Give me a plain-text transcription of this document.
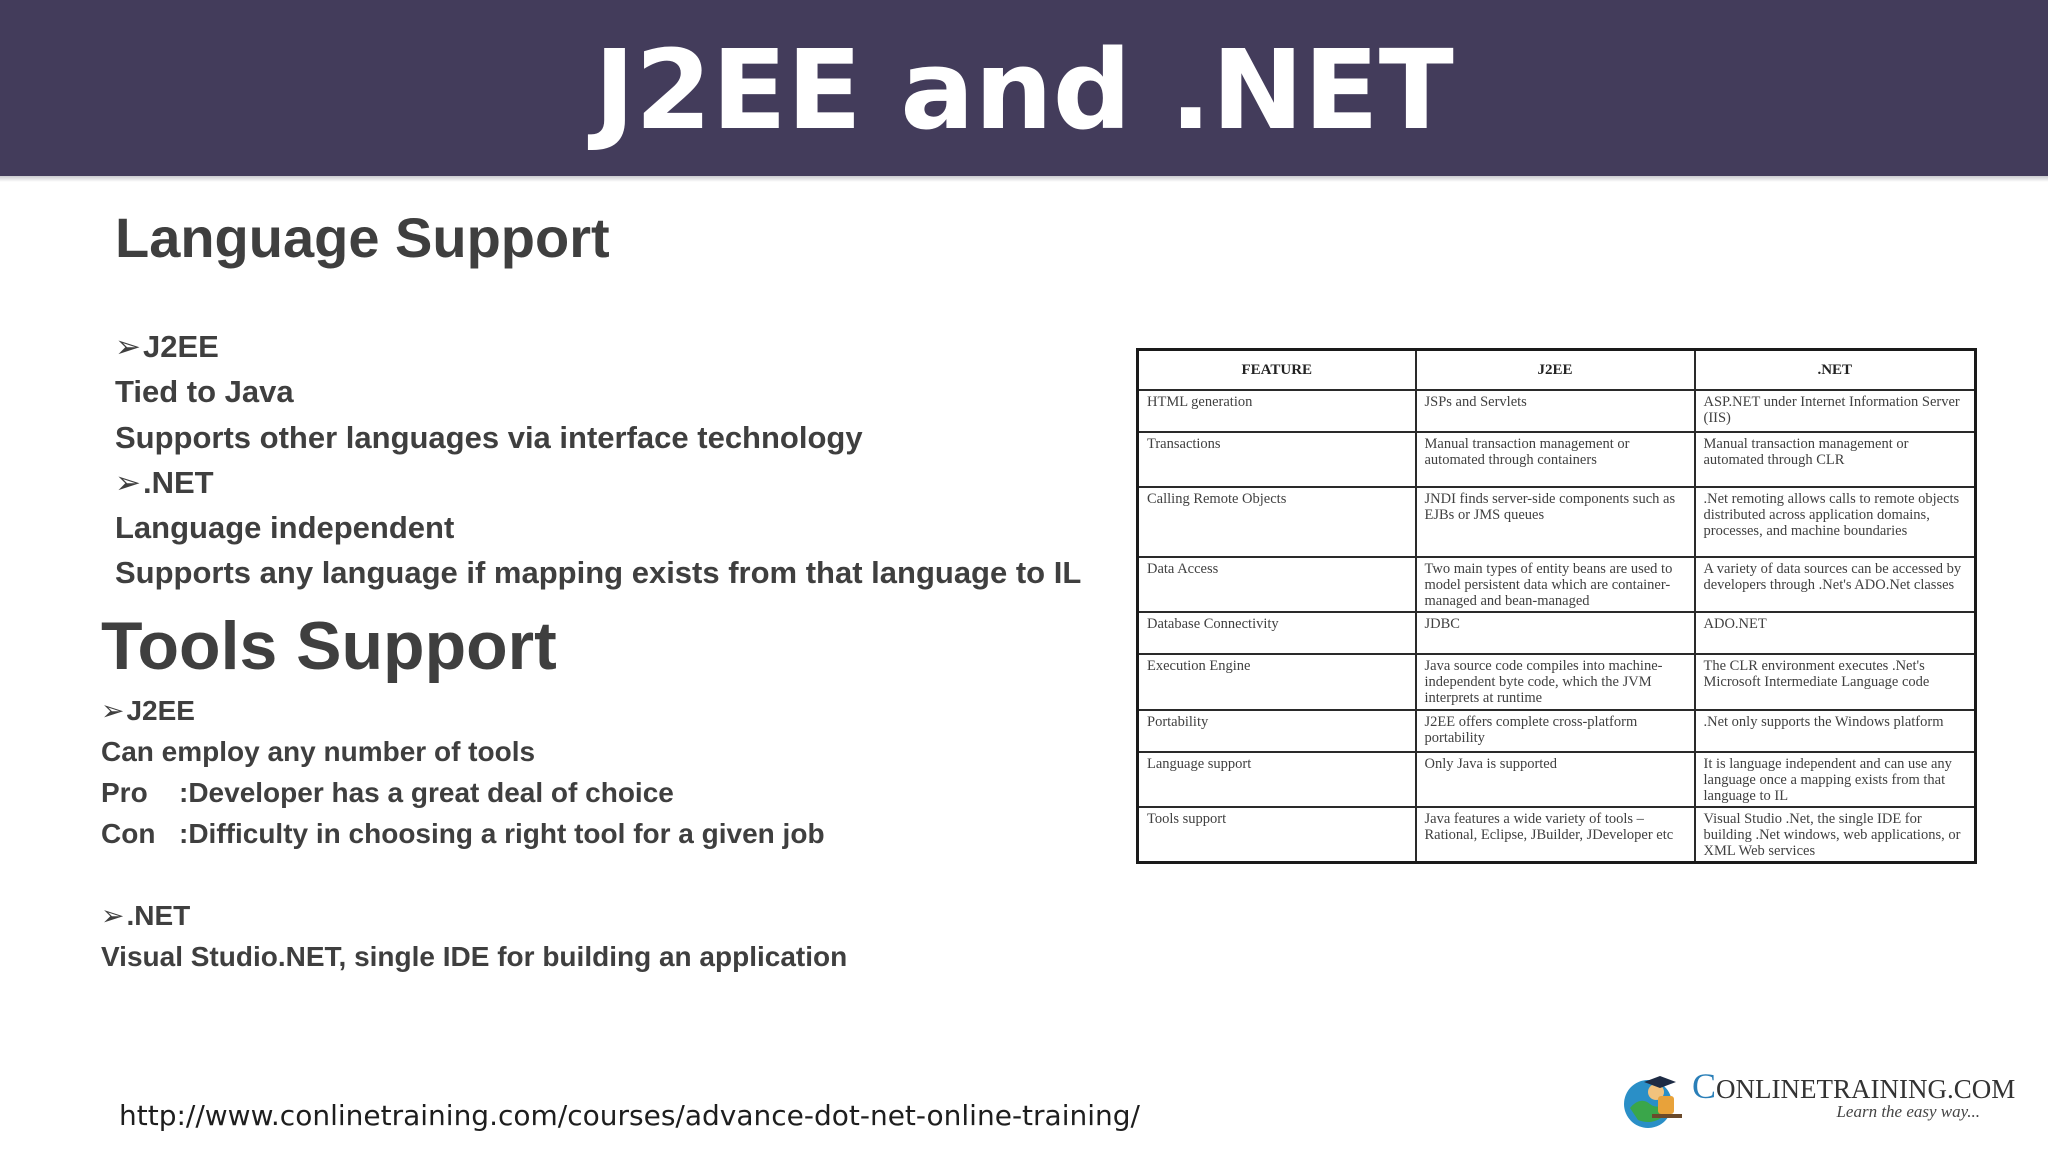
J2EE and .NET
Language Support
➢J2EE
Tied to Java
Supports other languages via interface technology
➢.NET
Language independent
Supports any language if mapping exists from that language to IL
Tools Support
➢J2EE
Can employ any number of tools
Pro :Developer has a great deal of choice
Con :Difficulty in choosing a right tool for a given job
➢.NET
Visual Studio.NET, single IDE for building an application
FEATURE	J2EE	.NET
HTML generation	JSPs and Servlets	ASP.NET under Internet Information Server (IIS)
Transactions	Manual transaction management or automated through containers	Manual transaction management or automated through CLR
Calling Remote Objects	JNDI finds server-side components such as EJBs or JMS queues	.Net remoting allows calls to remote objects distributed across application domains, processes, and machine boundaries
Data Access	Two main types of entity beans are used to model persistent data which are container-managed and bean-managed	A variety of data sources can be accessed by developers through .Net's ADO.Net classes
Database Connectivity	JDBC	ADO.NET
Execution Engine	Java source code compiles into machine-independent byte code, which the JVM interprets at runtime	The CLR environment executes .Net's Microsoft Intermediate Language code
Portability	J2EE offers complete cross-platform portability	.Net only supports the Windows platform
Language support	Only Java is supported	It is language independent and can use any language once a mapping exists from that language to IL
Tools support	Java features a wide variety of tools – Rational, Eclipse, JBuilder, JDeveloper etc	Visual Studio .Net, the single IDE for building .Net windows, web applications, or XML Web services
http://www.conlinetraining.com/courses/advance-dot-net-online-training/
CONLINETRAINING.COM
Learn the easy way...
